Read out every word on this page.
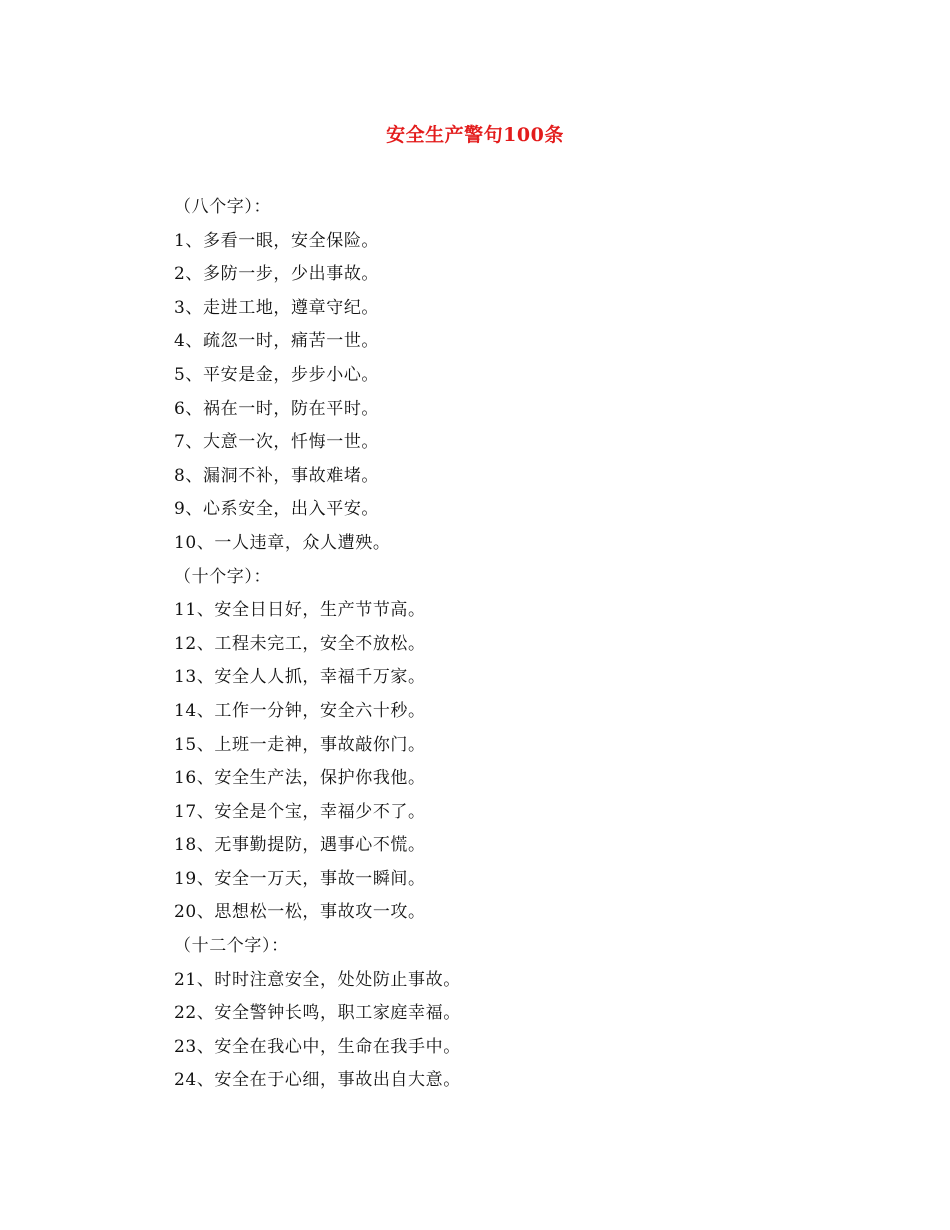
安全生产警句100条
（八个字）：
1、多看一眼，安全保险。
2、多防一步，少出事故。
3、走进工地，遵章守纪。
4、疏忽一时，痛苦一世。
5、平安是金，步步小心。
6、祸在一时，防在平时。
7、大意一次，忏悔一世。
8、漏洞不补，事故难堵。
9、心系安全，出入平安。
10、一人违章，众人遭殃。
（十个字）：
11、安全日日好，生产节节高。
12、工程未完工，安全不放松。
13、安全人人抓，幸福千万家。
14、工作一分钟，安全六十秒。
15、上班一走神，事故敲你门。
16、安全生产法，保护你我他。
17、安全是个宝，幸福少不了。
18、无事勤提防，遇事心不慌。
19、安全一万天，事故一瞬间。
20、思想松一松，事故攻一攻。
（十二个字）：
21、时时注意安全，处处防止事故。
22、安全警钟长鸣，职工家庭幸福。
23、安全在我心中，生命在我手中。
24、安全在于心细，事故出自大意。
